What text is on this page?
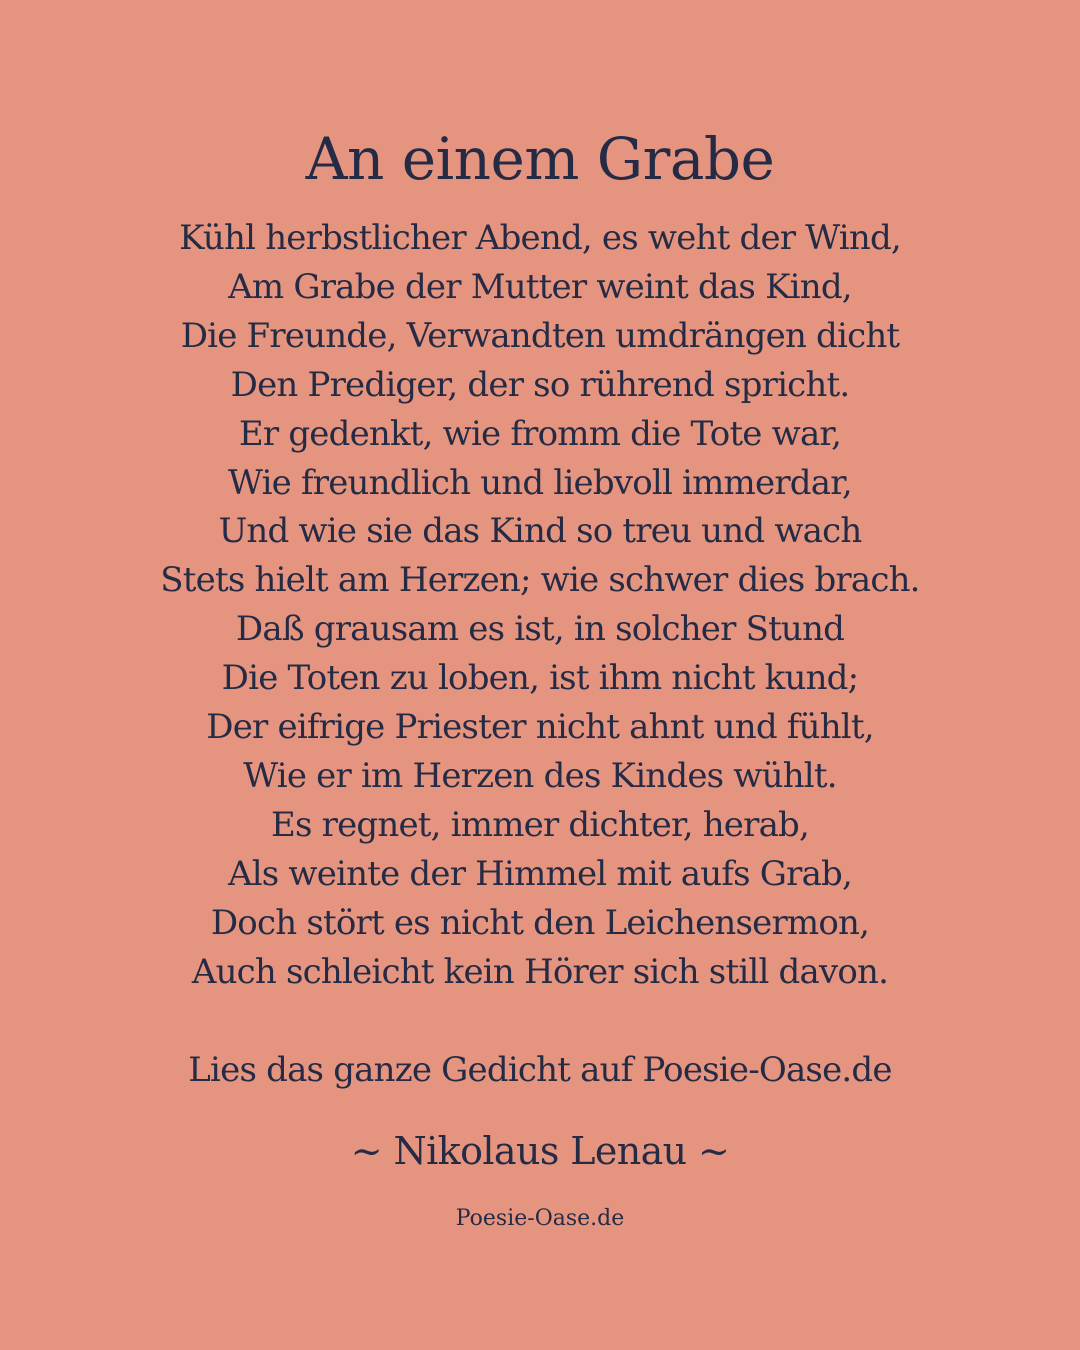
An einem Grabe
Kühl herbstlicher Abend, es weht der Wind,
Am Grabe der Mutter weint das Kind,
Die Freunde, Verwandten umdrängen dicht
Den Prediger, der so rührend spricht.
Er gedenkt, wie fromm die Tote war,
Wie freundlich und liebvoll immerdar,
Und wie sie das Kind so treu und wach
Stets hielt am Herzen; wie schwer dies brach.
Daß grausam es ist, in solcher Stund
Die Toten zu loben, ist ihm nicht kund;
Der eifrige Priester nicht ahnt und fühlt,
Wie er im Herzen des Kindes wühlt.
Es regnet, immer dichter, herab,
Als weinte der Himmel mit aufs Grab,
Doch stört es nicht den Leichensermon,
Auch schleicht kein Hörer sich still davon.
Lies das ganze Gedicht auf Poesie-Oase.de
~ Nikolaus Lenau ~
Poesie-Oase.de
